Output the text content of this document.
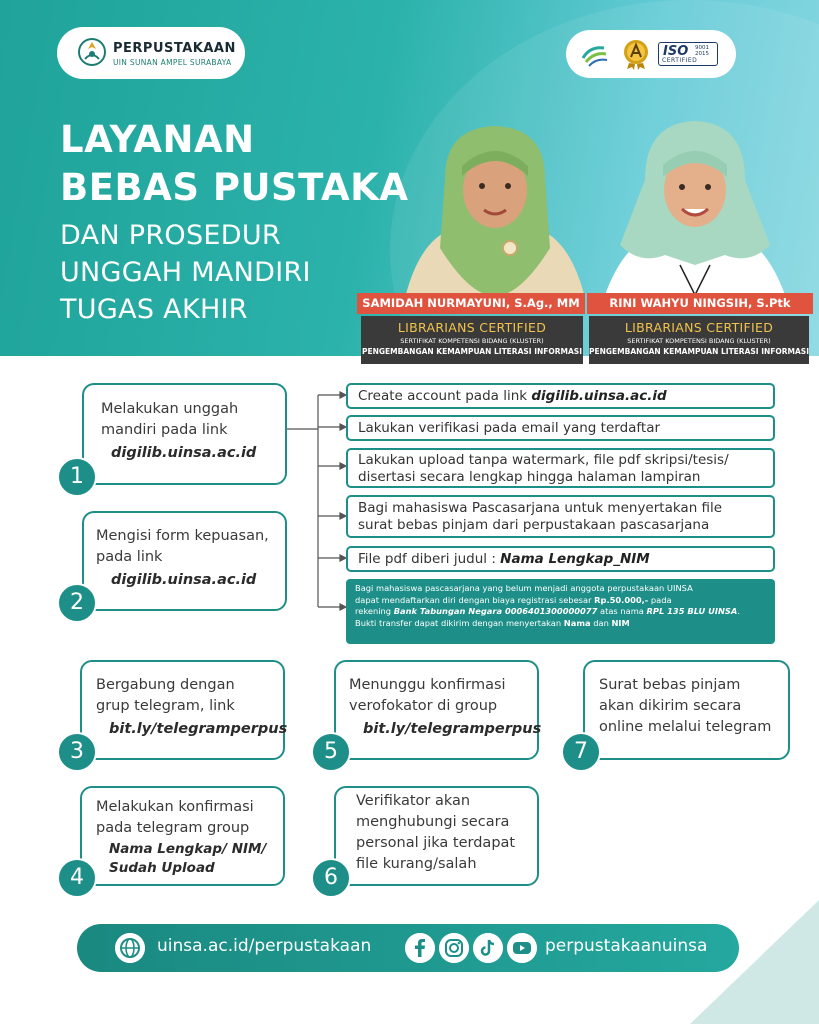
PERPUSTAKAAN
UIN SUNAN AMPEL SURABAYA
ISO 9001
2015
CERTIFIED
LAYANAN
BEBAS PUSTAKA
DAN PROSEDUR
UNGGAH MANDIRI
TUGAS AKHIR	SAMIDAH NURMAYUNI, S.Ag., MM
LIBRARIANS CERTIFIED
SERTIFIKAT KOMPETENSI BIDANG (KLUSTER)
PENGEMBANGAN KEMAMPUAN LITERASI INFORMASI
RINI WAHYU NINGSIH, S.Ptk
LIBRARIANS CERTIFIED
SERTIFIKAT KOMPETENSI BIDANG (KLUSTER)
PENGEMBANGAN KEMAMPUAN LITERASI INFORMASI
Melakukan unggah
mandiri pada link
digilib.uinsa.ac.id
1
Mengisi form kepuasan,
pada link
digilib.uinsa.ac.id
2
Create account pada link digilib.uinsa.ac.id
Lakukan verifikasi pada email yang terdaftar
Lakukan upload tanpa watermark, file pdf skripsi/tesis/
disertasi secara lengkap hingga halaman lampiran
Bagi mahasiswa Pascasarjana untuk menyertakan file
surat bebas pinjam dari perpustakaan pascasarjana
File pdf diberi judul : Nama Lengkap_NIM
Bagi mahasiswa pascasarjana yang belum menjadi anggota perpustakaan UINSA
dapat mendaftarkan diri dengan biaya registrasi sebesar Rp.50.000,- pada
rekening Bank Tabungan Negara 0006401300000077 atas nama RPL 135 BLU UINSA.
Bukti transfer dapat dikirim dengan menyertakan Nama dan NIM
Bergabung dengan
grup telegram, link
bit.ly/telegramperpus
3
Melakukan konfirmasi
pada telegram group
Nama Lengkap/ NIM/
Sudah Upload
4
Menunggu konfirmasi
verofokator di group
bit.ly/telegramperpus
5
Verifikator akan
menghubungi secara
personal jika terdapat
file kurang/salah
6
Surat bebas pinjam
akan dikirim secara
online melalui telegram
7
uinsa.ac.id/perpustakaan	perpustakaanuinsa
